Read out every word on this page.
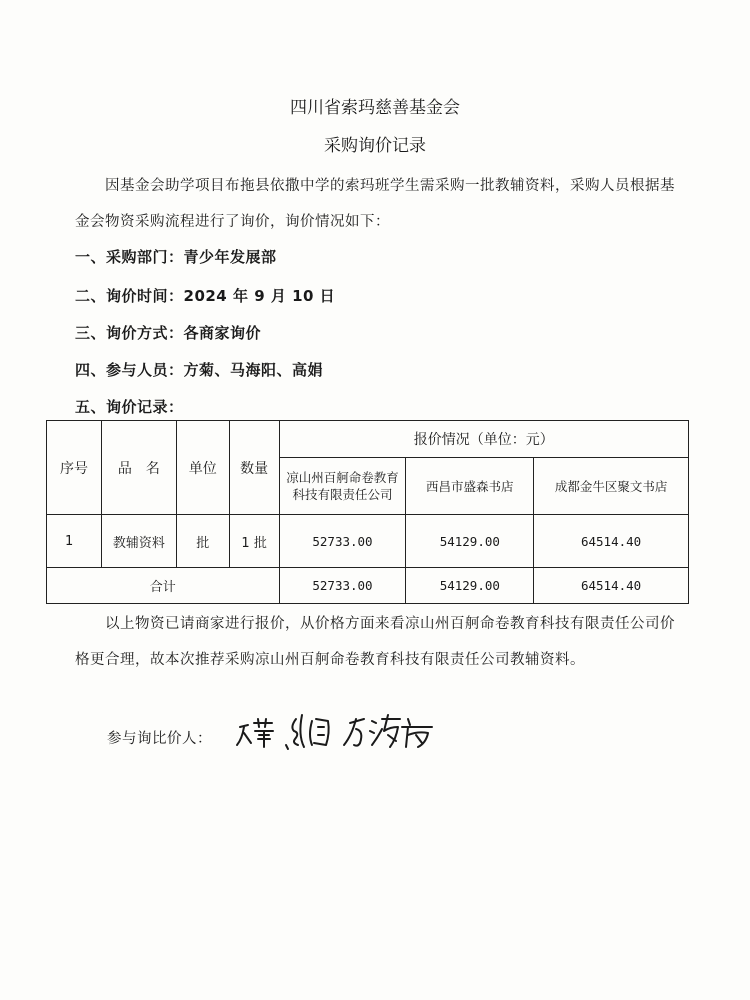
四川省索玛慈善基金会
采购询价记录
因基金会助学项目布拖县依撒中学的索玛班学生需采购一批教辅资料，采购人员根据基金会物资采购流程进行了询价，询价情况如下：
一、采购部门：青少年发展部
二、询价时间：2024 年 9 月 10 日
三、询价方式：各商家询价
四、参与人员：方菊、马海阳、高娟
五、询价记录：
序号	品　名	单位	数量	报价情况（单位：元）		
				凉山州百舸命卷教育科技有限责任公司	西昌市盛森书店	成都金牛区聚文书店
1	教辅资料	批	1 批	52733.00	54129.00	64514.40
合计				52733.00	54129.00	64514.40
以上物资已请商家进行报价，从价格方面来看凉山州百舸命卷教育科技有限责任公司价格更合理，故本次推荐采购凉山州百舸命卷教育科技有限责任公司教辅资料。
参与询比价人：
